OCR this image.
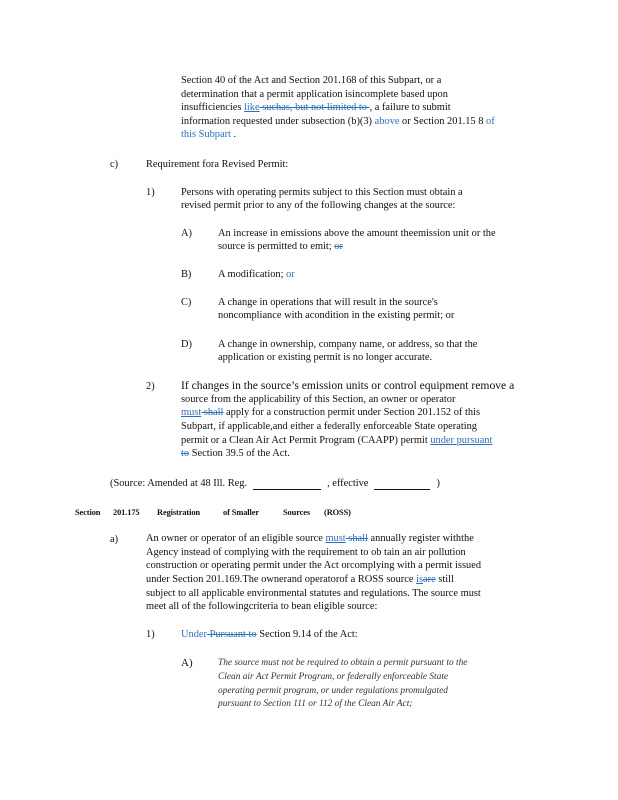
Section 40 of the Act and Section 201.168 of this Subpart, or a
determination that a permit application isincomplete based upon
insufficiencies like suchas, but not limited to , a failure to submit
information requested under subsection (b)(3) above or Section 201.15 8 of
this Subpart .
c)	Requirement fora Revised Permit:
1)	Persons with operating permits subject to this Section must obtain a
revised permit prior to any of the following changes at the source:
A)	An increase in emissions above the amount theemission unit or the
source is permitted to emit; or
B)	A modification; or
C)	A change in operations that will result in the source's
noncompliance with acondition in the existing permit; or
D)	A change in ownership, company name, or address, so that the
application or existing permit is no longer accurate.
2) If changes in the source’s emission units or control equipment remove a
source from the applicability of this Section, an owner or operator
must shall apply for a construction permit under Section 201.152 of this
Subpart, if applicable,and either a federally enforceable State operating
permit or a Clean Air Act Permit Program (CAAPP) permit under pursuant
to Section 39.5 of the Act.
(Source: Amended at 48 Ill. Reg.	, effective	)
Section 201.175 Registration	of Smaller	Sources (ROSS)
a)	An owner or operator of an eligible source must shall annually register withthe
Agency instead of complying with the requirement to ob tain an air pollution
construction or operating permit under the Act orcomplying with a permit issued
under Section 201.169.The ownerand operatorof a ROSS source isare still
subject to all applicable environmental statutes and regulations. The source must
meet all of the followingcriteria to bean eligible source:
1)	Under Pursuant to Section 9.14 of the Act:
A)	The source must not be required to obtain a permit pursuant to the
Clean air Act Permit Program, or federally enforceable State
operating permit program, or under regulations promulgated
pursuant to Section 111 or 112 of the Clean Air Act;
